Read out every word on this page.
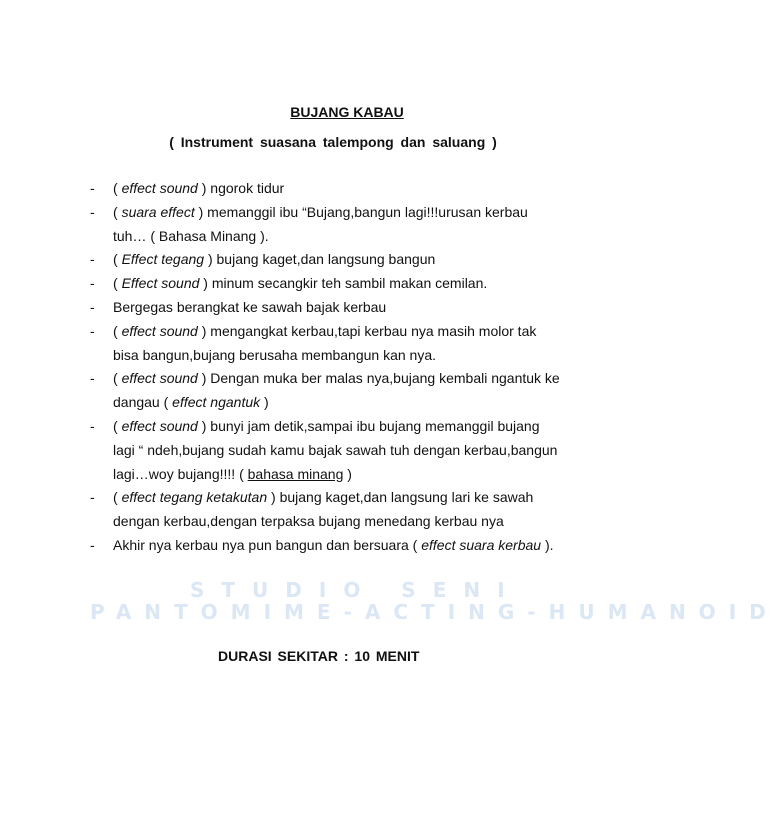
STUDIO SENI
PANTOMIME-ACTING-HUMANOID
BUJANG KABAU
( Instrument suasana talempong dan saluang )
- ( effect sound ) ngorok tidur
- ( suara effect ) memanggil ibu “Bujang,bangun lagi!!!urusan kerbau tuh… ( Bahasa Minang ).
- ( Effect tegang ) bujang kaget,dan langsung bangun
- ( Effect sound ) minum secangkir teh sambil makan cemilan.
- Bergegas berangkat ke sawah bajak kerbau
- ( effect sound ) mengangkat kerbau,tapi kerbau nya masih molor tak bisa bangun,bujang berusaha membangun kan nya.
- ( effect sound ) Dengan muka ber malas nya,bujang kembali ngantuk ke dangau ( effect ngantuk )
- ( effect sound ) bunyi jam detik,sampai ibu bujang memanggil bujang lagi “ ndeh,bujang sudah kamu bajak sawah tuh dengan kerbau,bangun lagi…woy bujang!!!! ( bahasa minang )
- ( effect tegang ketakutan ) bujang kaget,dan langsung lari ke sawah dengan kerbau,dengan terpaksa bujang menedang kerbau nya
- Akhir nya kerbau nya pun bangun dan bersuara ( effect suara kerbau ).
DURASI SEKITAR : 10 MENIT
